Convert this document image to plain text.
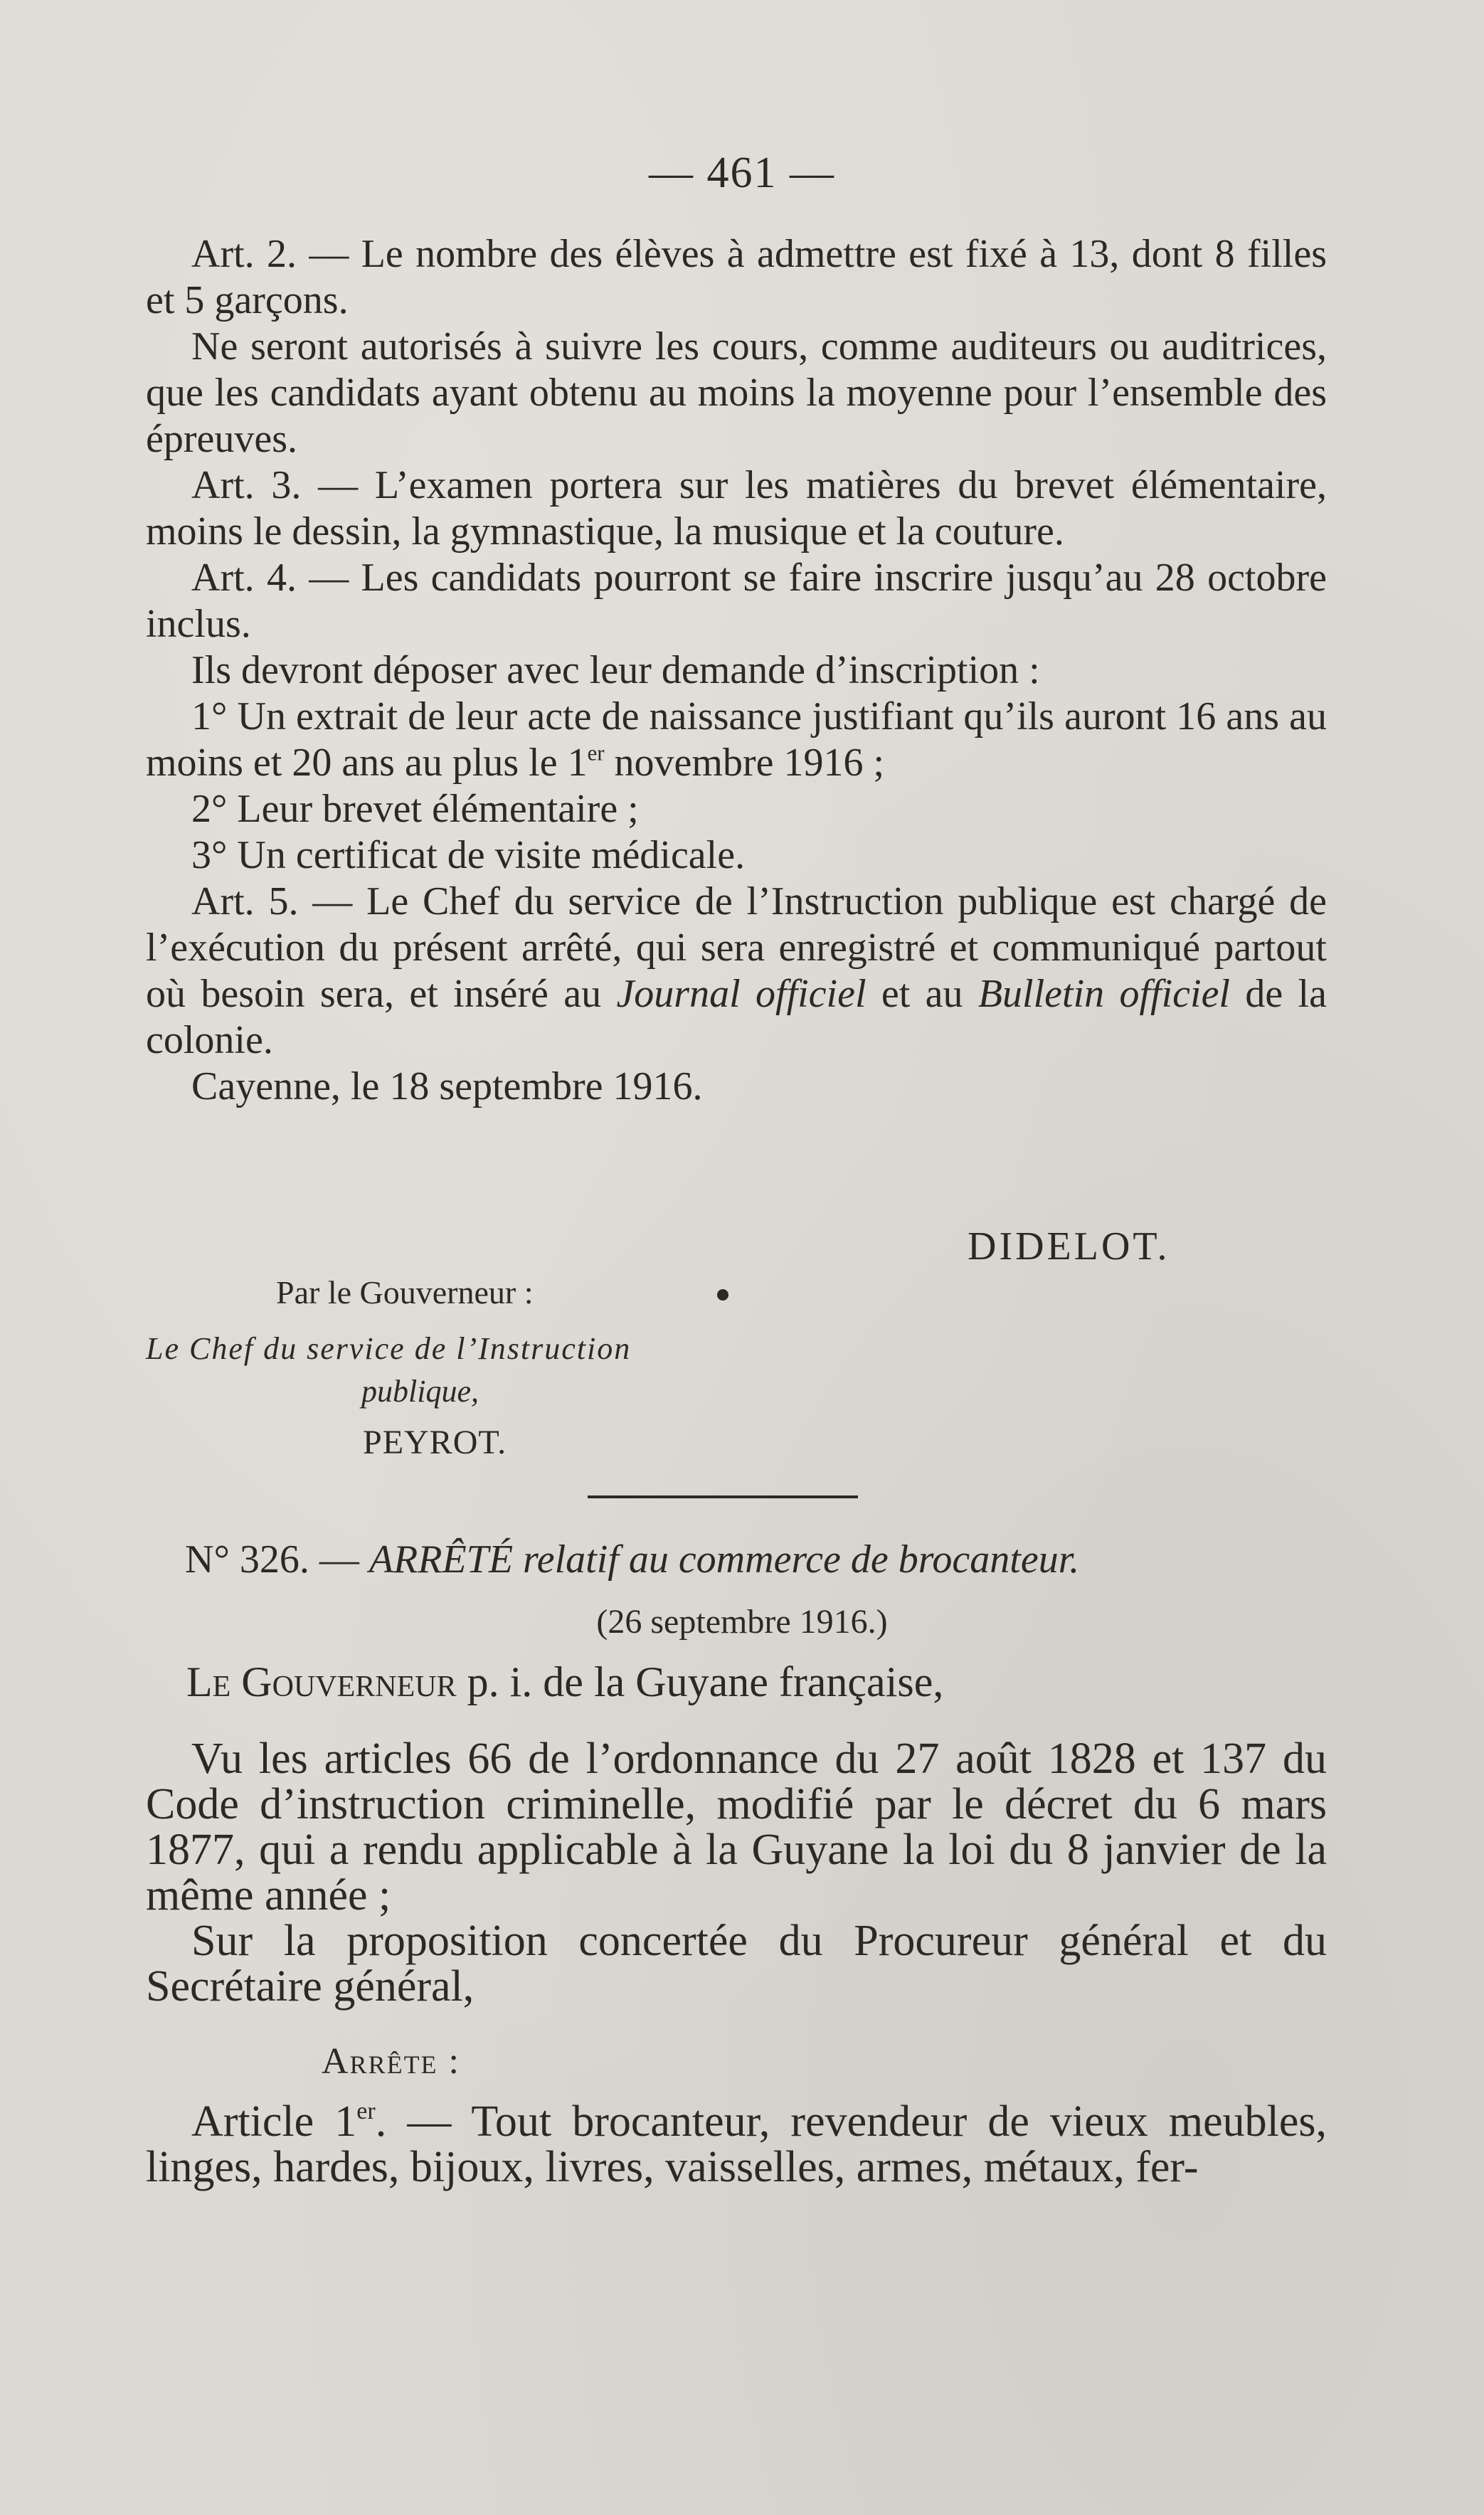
— 461 —

Art. 2. — Le nombre des élèves à admettre est fixé à 13, dont 8 filles et 5 garçons.

Ne seront autorisés à suivre les cours, comme auditeurs ou auditrices, que les candidats ayant obtenu au moins la moyenne pour l’ensemble des épreuves.

Art. 3. — L’examen portera sur les matières du brevet élémentaire, moins le dessin, la gymnastique, la musique et la couture.

Art. 4. — Les candidats pourront se faire inscrire jusqu’au 28 octobre inclus.

Ils devront déposer avec leur demande d’inscription :

1° Un extrait de leur acte de naissance justifiant qu’ils auront 16 ans au moins et 20 ans au plus le 1er novembre 1916 ;

2° Leur brevet élémentaire ;

3° Un certificat de visite médicale.

Art. 5. — Le Chef du service de l’Instruction publique est chargé de l’exécution du présent arrêté, qui sera enregistré et communiqué partout où besoin sera, et inséré au Journal officiel et au Bulletin officiel de la colonie.

Cayenne, le 18 septembre 1916.

DIDELOT.
Par le Gouverneur :
Le Chef du service de l’Instruction
publique,
PEYROT.
N° 326. — ARRÊTÉ relatif au commerce de brocanteur.
(26 septembre 1916.)
Le Gouverneur p. i. de la Guyane française,

Vu les articles 66 de l’ordonnance du 27 août 1828 et 137 du Code d’instruction criminelle, modifié par le décret du 6 mars 1877, qui a rendu applicable à la Guyane la loi du 8 janvier de la même année ;

Sur la proposition concertée du Procureur général et du Secrétaire général,

Arrête :

Article 1er. — Tout brocanteur, revendeur de vieux meubles, linges, hardes, bijoux, livres, vaisselles, armes, métaux, fer-
